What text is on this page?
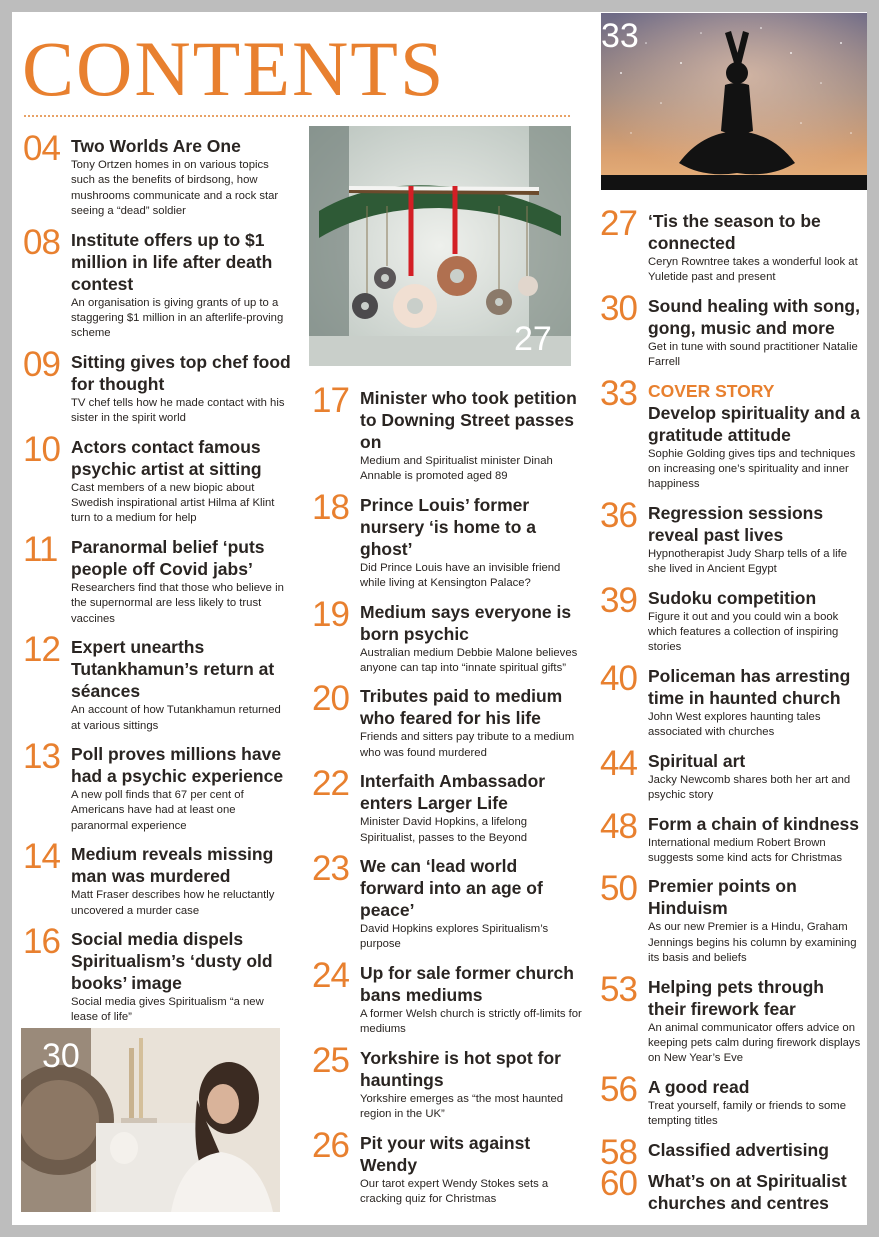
CONTENTS	33
27
30
04 Two Worlds Are One
Tony Ortzen homes in on various topics such as the benefits of birdsong, how mushrooms communicate and a rock star seeing a “dead” soldier
08 Institute offers up to $1 million in life after death contest
An organisation is giving grants of up to a staggering $1 million in an afterlife-proving scheme
09 Sitting gives top chef food for thought
TV chef tells how he made contact with his sister in the spirit world
10 Actors contact famous psychic artist at sitting
Cast members of a new biopic about Swedish inspirational artist Hilma af Klint turn to a medium for help
11 Paranormal belief ‘puts people off Covid jabs’
Researchers find that those who believe in the supernormal are less likely to trust vaccines
12 Expert unearths Tutankhamun’s return at séances
An account of how Tutankhamun returned at various sittings
13 Poll proves millions have had a psychic experience
A new poll finds that 67 per cent of Americans have had at least one paranormal experience
14 Medium reveals missing man was murdered
Matt Fraser describes how he reluctantly uncovered a murder case
16 Social media dispels Spiritualism’s ‘dusty old books’ image
Social media gives Spiritualism “a new lease of life”
17 Minister who took petition to Downing Street passes on
Medium and Spiritualist minister Dinah Annable is promoted aged 89
18 Prince Louis’ former nursery ‘is home to a ghost’
Did Prince Louis have an invisible friend while living at Kensington Palace?
19 Medium says everyone is born psychic
Australian medium Debbie Malone believes anyone can tap into “innate spiritual gifts”
20 Tributes paid to medium who feared for his life
Friends and sitters pay tribute to a medium who was found murdered
22 Interfaith Ambassador enters Larger Life
Minister David Hopkins, a lifelong Spiritualist, passes to the Beyond
23 We can ‘lead world forward into an age of peace’
David Hopkins explores Spiritualism’s purpose
24 Up for sale former church bans mediums
A former Welsh church is strictly off-limits for mediums
25 Yorkshire is hot spot for hauntings
Yorkshire emerges as “the most haunted region in the UK”
26 Pit your wits against Wendy
Our tarot expert Wendy Stokes sets a cracking quiz for Christmas
27 ‘Tis the season to be connected
Ceryn Rowntree takes a wonderful look at Yuletide past and present
30 Sound healing with song, gong, music and more
Get in tune with sound practitioner Natalie Farrell
33 COVER STORY
Develop spirituality and a gratitude attitude
Sophie Golding gives tips and techniques on increasing one’s spirituality and inner happiness
36 Regression sessions reveal past lives
Hypnotherapist Judy Sharp tells of a life she lived in Ancient Egypt
39 Sudoku competition
Figure it out and you could win a book which features a collection of inspiring stories
40 Policeman has arresting time in haunted church
John West explores haunting tales associated with churches
44 Spiritual art
Jacky Newcomb shares both her art and psychic story
48 Form a chain of kindness
International medium Robert Brown suggests some kind acts for Christmas
50 Premier points on Hinduism
As our new Premier is a Hindu, Graham Jennings begins his column by examining its basis and beliefs
53 Helping pets through their firework fear
An animal communicator offers advice on keeping pets calm during firework displays on New Year’s Eve
56 A good read
Treat yourself, family or friends to some tempting titles
58 Classified advertising
60 What’s on at Spiritualist churches and centres
